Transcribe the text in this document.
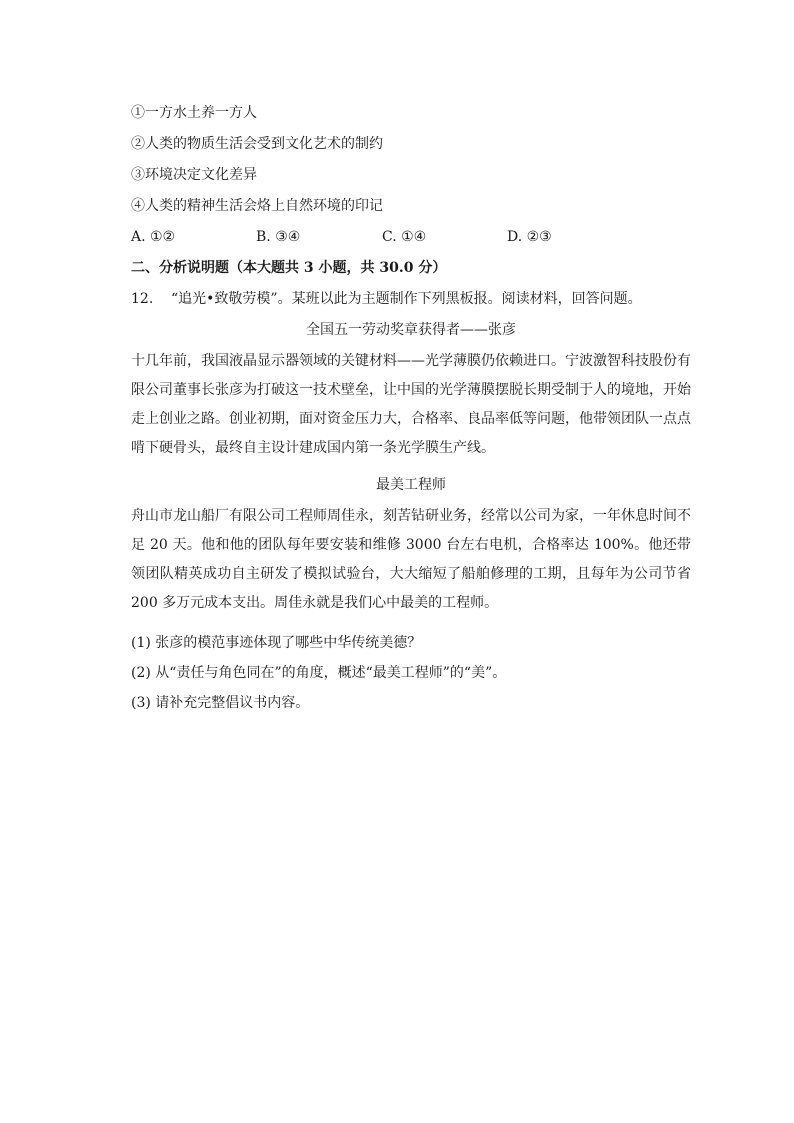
①一方水土养一方人
②人类的物质生活会受到文化艺术的制约
③环境决定文化差异
④人类的精神生活会烙上自然环境的印记
A. ①②	B. ③④	C. ①④	D. ②③
二、分析说明题（本大题共 3 小题，共 30.0 分）
12. “追光•致敬劳模”。某班以此为主题制作下列黑板报。阅读材料，回答问题。
全国五一劳动奖章获得者——张彦
十几年前，我国液晶显示器领域的关键材料——光学薄膜仍依赖进口。宁波激智科技股份有限公司董事长张彦为打破这一技术壁垒，让中国的光学薄膜摆脱长期受制于人的境地，开始走上创业之路。创业初期，面对资金压力大，合格率、良品率低等问题，他带领团队一点点啃下硬骨头，最终自主设计建成国内第一条光学膜生产线。
最美工程师
舟山市龙山船厂有限公司工程师周佳永，刻苦钻研业务，经常以公司为家，一年休息时间不足 20 天。他和他的团队每年要安装和维修 3000 台左右电机，合格率达 100%。他还带领团队精英成功自主研发了模拟试验台，大大缩短了船舶修理的工期，且每年为公司节省 200 多万元成本支出。周佳永就是我们心中最美的工程师。
(1) 张彦的模范事迹体现了哪些中华传统美德？
(2) 从“责任与角色同在”的角度，概述“最美工程师”的“美”。
(3) 请补充完整倡议书内容。
